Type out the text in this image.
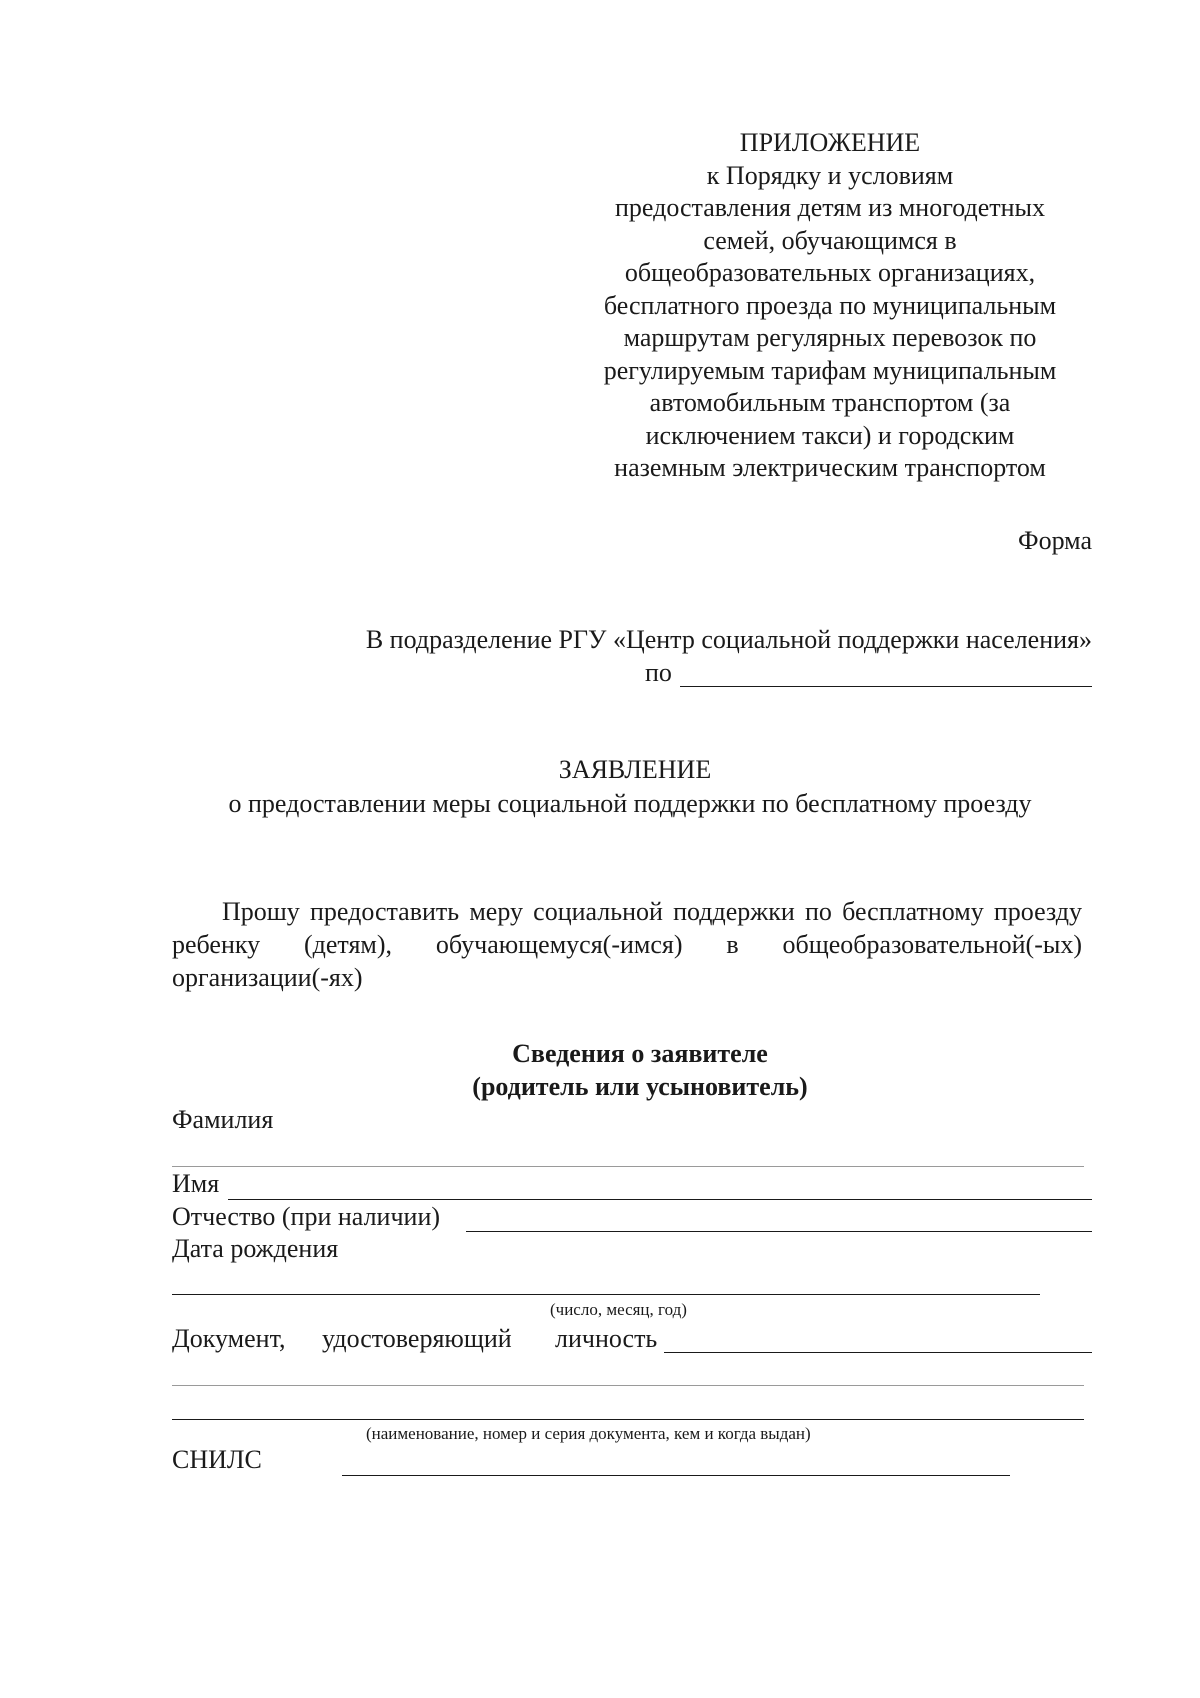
ПРИЛОЖЕНИЕ
к Порядку и условиям
предоставления детям из многодетных
семей, обучающимся в
общеобразовательных организациях,
бесплатного проезда по муниципальным
маршрутам регулярных перевозок по
регулируемым тарифам муниципальным
автомобильным транспортом (за
исключением такси) и городским
наземным электрическим транспортом
Форма
В подразделение РГУ «Центр социальной поддержки населения»
по
ЗАЯВЛЕНИЕ
о предоставлении меры социальной поддержки по бесплатному проезду
Прошу предоставить меру социальной поддержки по бесплатному проезду ребенку (детям), обучающемуся(-имся) в общеобразовательной(-ых) организации(-ях)
Сведения о заявителе
(родитель или усыновитель)
Фамилия
Имя
Отчество (при наличии)
Дата рождения
(число, месяц, год)
Документ, удостоверяющий личность
(наименование, номер и серия документа, кем и когда выдан)
СНИЛС
